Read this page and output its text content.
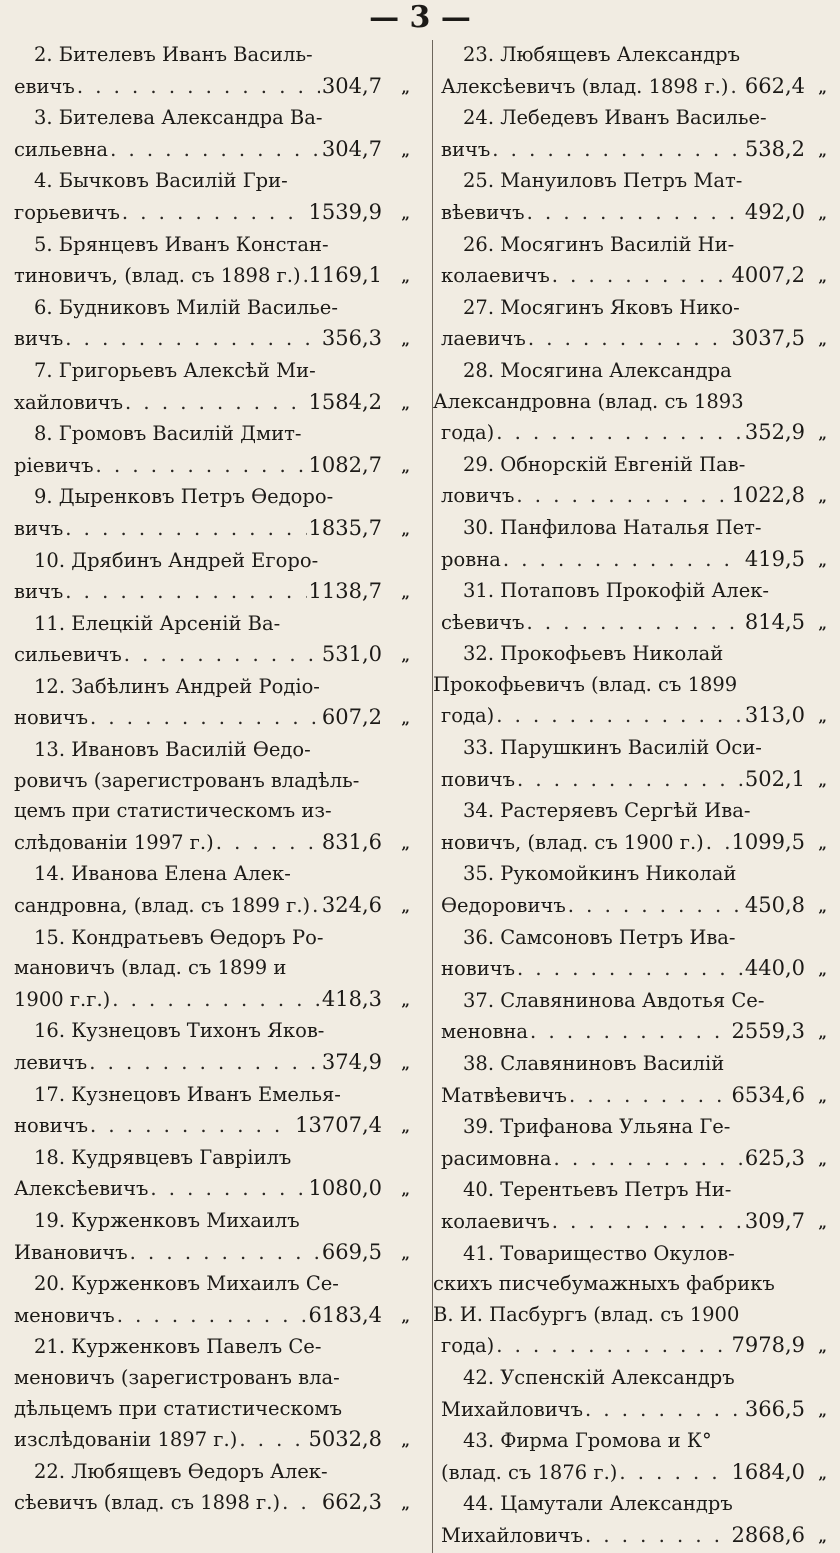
— 3 —
2. Бителевъ Иванъ Василь-
евичъ . . .	304,7	„
3. Бителева Александра Ва-
сильевна . . .	304,7	„
4. Бычковъ Василій Гри-
горьевичъ . . .	1539,9	„
5. Брянцевъ Иванъ Констан-
тиновичъ, (влад. съ 1898 г.) . . . 1169,1	„
6. Будниковъ Милій Василье-
вичъ . . .	356,3	„
7. Григорьевъ Алексѣй Ми-
хайловичъ . . .	1584,2	„
8. Громовъ Василій Дмит-
ріевичъ . . .	1082,7	„
9. Дыренковъ Петръ Ѳедоро-
вичъ . . .	1835,7	„
10. Дрябинъ Андрей Егоро-
вичъ . . .	1138,7	„
11. Елецкій Арсеній Ва-
сильевичъ . . .	531,0	„
12. Забѣлинъ Андрей Родіо-
новичъ . . .	607,2	„
13. Ивановъ Василій Ѳедо-
ровичъ (зарегистрованъ владѣль-
цемъ при статистическомъ из-
слѣдованіи 1997 г.) . . .	831,6	„
14. Иванова Елена Алек-
сандровна, (влад. съ 1899 г.) . . . 324,6	„
15. Кондратьевъ Ѳедоръ Ро-
мановичъ (влад. съ 1899 и
1900 г.г.) . . .	418,3	„
16. Кузнецовъ Тихонъ Яков-
левичъ . . .	374,9	„
17. Кузнецовъ Иванъ Емелья-
новичъ . . .	13707,4	„
18. Кудрявцевъ Гавріилъ
Алексѣевичъ . . .	1080,0	„
19. Курженковъ Михаилъ
Ивановичъ . . .	669,5	„
20. Курженковъ Михаилъ Се-
меновичъ . . .	6183,4	„
21. Курженковъ Павелъ Се-
меновичъ (зарегистрованъ вла-
дѣльцемъ при статистическомъ
изслѣдованіи 1897 г.) . . .	5032,8	„
22. Любящевъ Ѳедоръ Алек-
сѣевичъ (влад. съ 1898 г.) . . . 662,3	„
23. Любящевъ Александръ
Алексѣевичъ (влад. 1898 г.) . . . 662,4 „
24. Лебедевъ Иванъ Василье-
вичъ . . .	538,2 „
25. Мануиловъ Петръ Мат-
вѣевичъ . . .	492,0 „
26. Мосягинъ Василій Ни-
колаевичъ . . .	4007,2 „
27. Мосягинъ Яковъ Нико-
лаевичъ . . .	3037,5 „
28. Мосягина Александра
Александровна (влад. съ 1893
года) . . .	352,9 „
29. Обнорскій Евгеній Пав-
ловичъ . . .	1022,8 „
30. Панфилова Наталья Пет-
ровна . . .	419,5 „
31. Потаповъ Прокофій Алек-
сѣевичъ . . .	814,5 „
32. Прокофьевъ Николай
Прокофьевичъ (влад. съ 1899
года) . . .	313,0 „
33. Парушкинъ Василій Оси-
повичъ . . .	502,1 „
34. Растеряевъ Сергѣй Ива-
новичъ, (влад. съ 1900 г.) . . . 1099,5 „
35. Рукомойкинъ Николай
Ѳедоровичъ . . .	450,8 „
36. Самсоновъ Петръ Ива-
новичъ . . .	440,0 „
37. Славянинова Авдотья Се-
меновна . . .	2559,3 „
38. Славяниновъ Василій
Матвѣевичъ . . .	6534,6 „
39. Трифанова Ульяна Ге-
расимовна . . .	625,3 „
40. Терентьевъ Петръ Ни-
колаевичъ . . .	309,7 „
41. Товарищество Окулов-
скихъ писчебумажныхъ фабрикъ
В. И. Пасбургъ (влад. съ 1900
года) . . .	7978,9 „
42. Успенскій Александръ
Михайловичъ . . .	366,5 „
43. Фирма Громова и К°
(влад. съ 1876 г.) . . .	1684,0 „
44. Цамутали Александръ
Михайловичъ . . .	2868,6 „
